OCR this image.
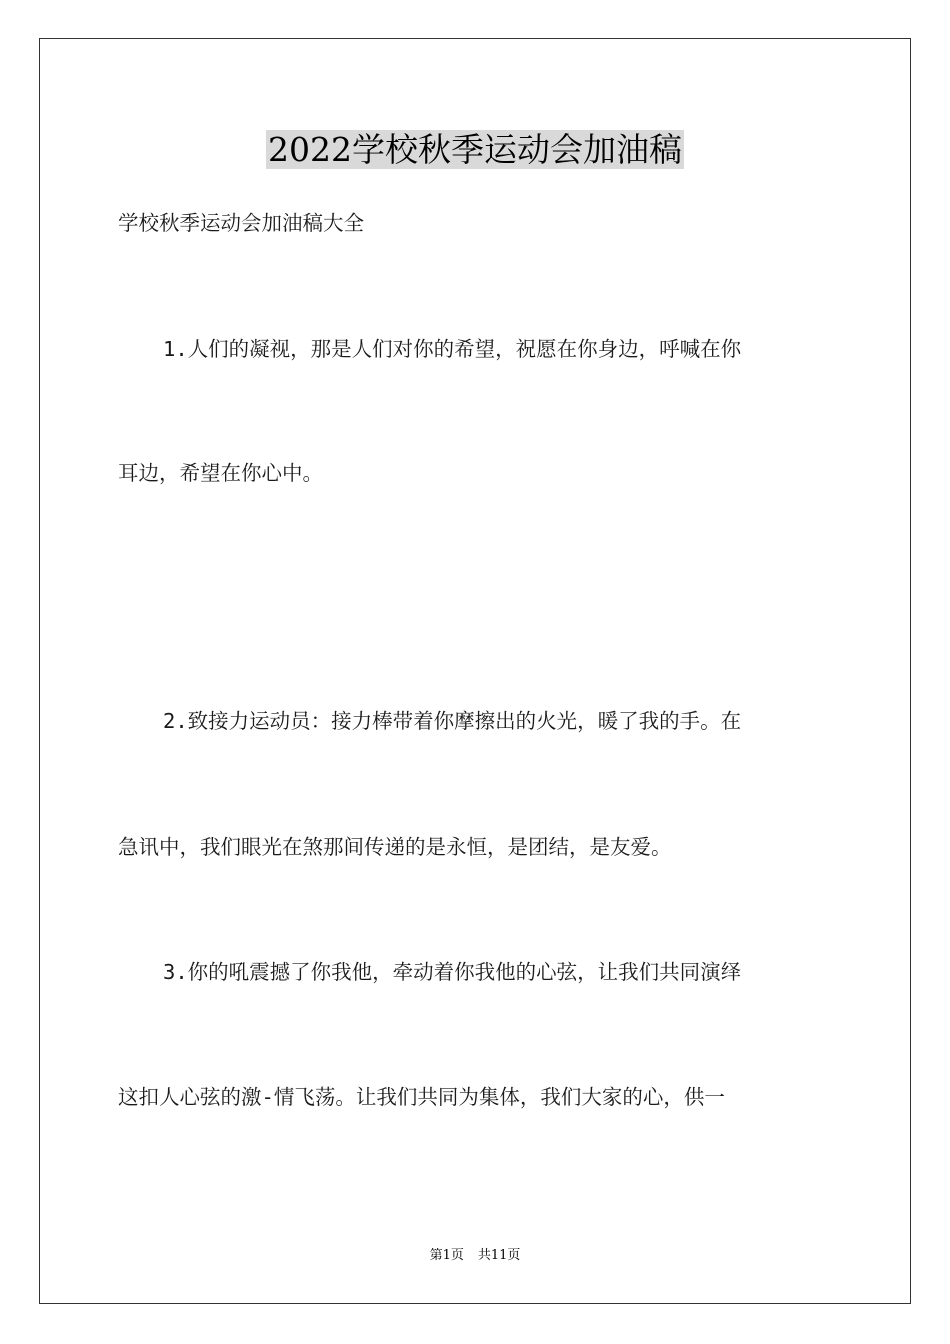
2022学校秋季运动会加油稿
学校秋季运动会加油稿大全
1.人们的凝视，那是人们对你的希望，祝愿在你身边，呼喊在你
耳边，希望在你心中。
2.致接力运动员：接力棒带着你摩擦出的火光，暖了我的手。在
急讯中，我们眼光在煞那间传递的是永恒，是团结，是友爱。
3.你的吼震撼了你我他，牵动着你我他的心弦，让我们共同演绎
这扣人心弦的激-情飞荡。让我们共同为集体，我们大家的心，供一
第1页 共11页
